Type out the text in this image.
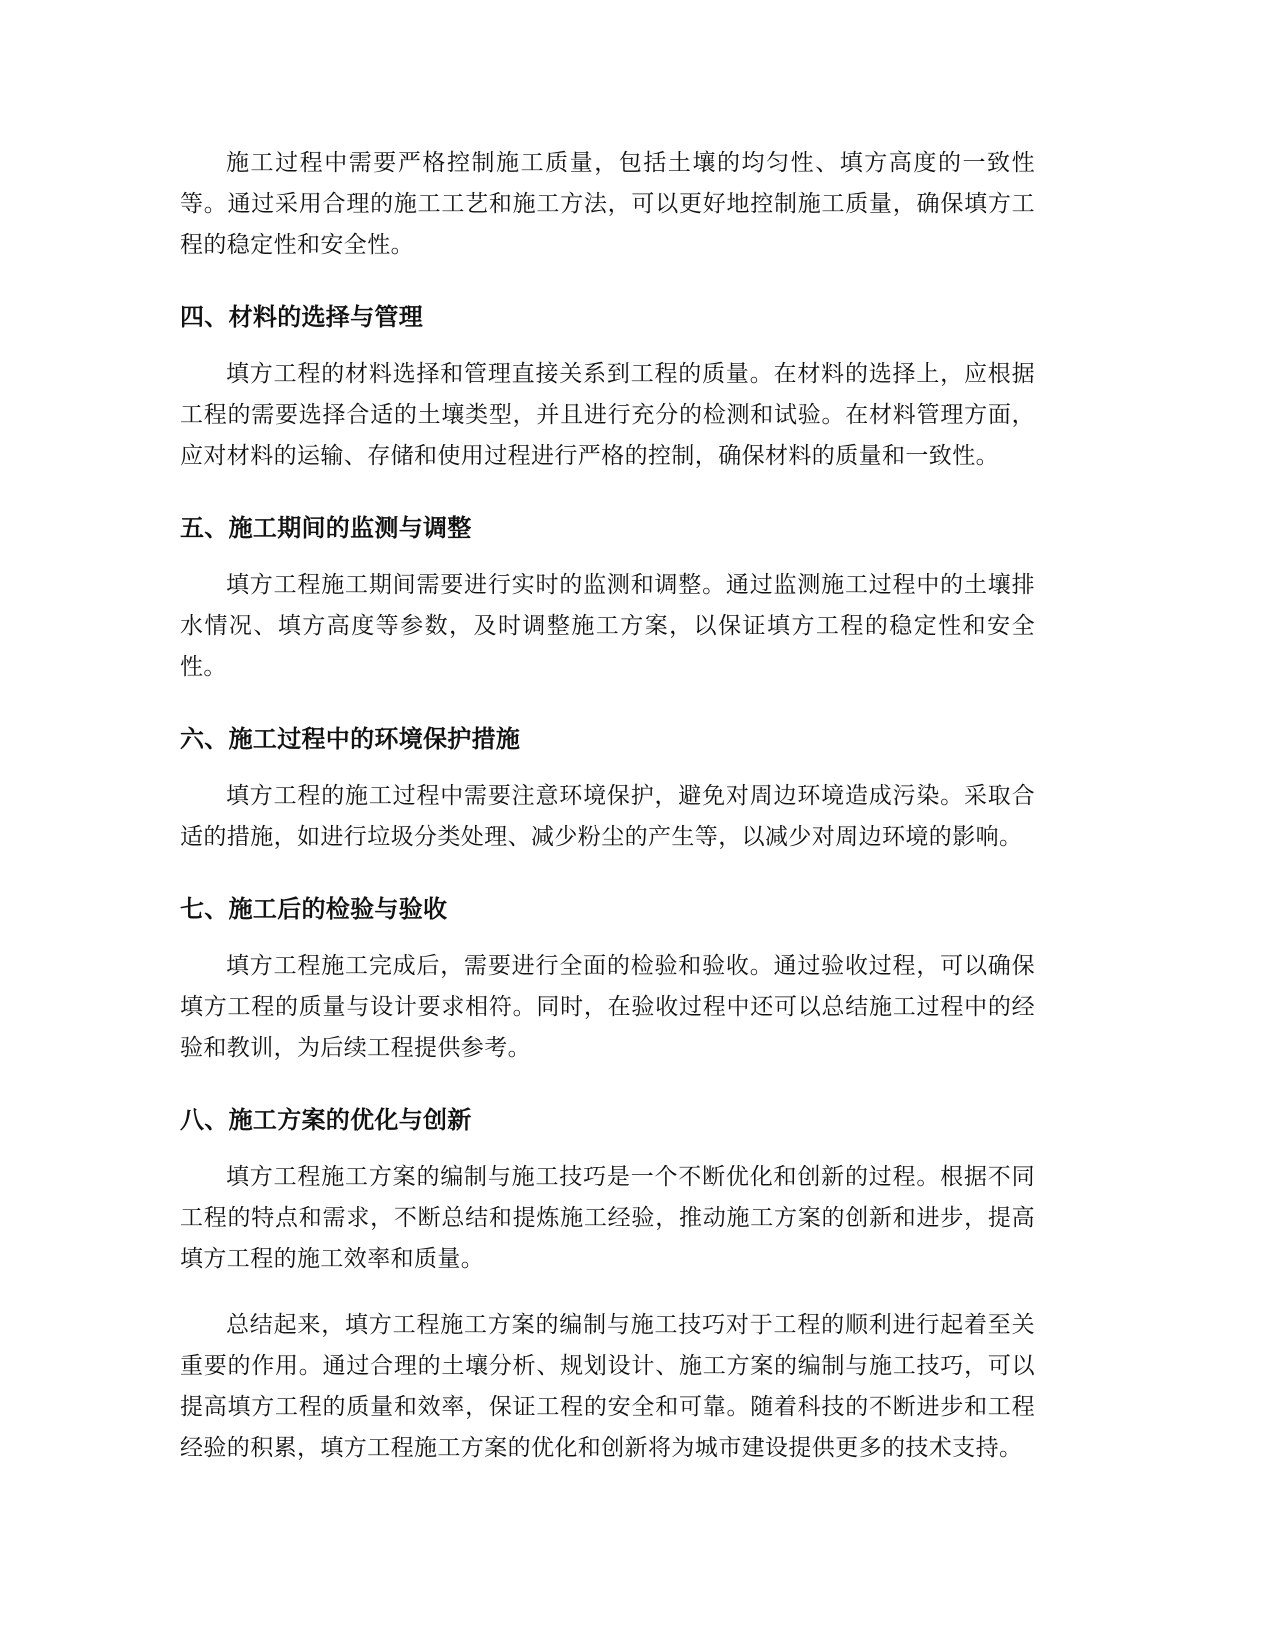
施工过程中需要严格控制施工质量，包括土壤的均匀性、填方高度的一致性等。通过采用合理的施工工艺和施工方法，可以更好地控制施工质量，确保填方工程的稳定性和安全性。

四、材料的选择与管理

填方工程的材料选择和管理直接关系到工程的质量。在材料的选择上，应根据工程的需要选择合适的土壤类型，并且进行充分的检测和试验。在材料管理方面，应对材料的运输、存储和使用过程进行严格的控制，确保材料的质量和一致性。

五、施工期间的监测与调整

填方工程施工期间需要进行实时的监测和调整。通过监测施工过程中的土壤排水情况、填方高度等参数，及时调整施工方案，以保证填方工程的稳定性和安全性。

六、施工过程中的环境保护措施

填方工程的施工过程中需要注意环境保护，避免对周边环境造成污染。采取合适的措施，如进行垃圾分类处理、减少粉尘的产生等，以减少对周边环境的影响。

七、施工后的检验与验收

填方工程施工完成后，需要进行全面的检验和验收。通过验收过程，可以确保填方工程的质量与设计要求相符。同时，在验收过程中还可以总结施工过程中的经验和教训，为后续工程提供参考。

八、施工方案的优化与创新

填方工程施工方案的编制与施工技巧是一个不断优化和创新的过程。根据不同工程的特点和需求，不断总结和提炼施工经验，推动施工方案的创新和进步，提高填方工程的施工效率和质量。

总结起来，填方工程施工方案的编制与施工技巧对于工程的顺利进行起着至关重要的作用。通过合理的土壤分析、规划设计、施工方案的编制与施工技巧，可以提高填方工程的质量和效率，保证工程的安全和可靠。随着科技的不断进步和工程经验的积累，填方工程施工方案的优化和创新将为城市建设提供更多的技术支持。
